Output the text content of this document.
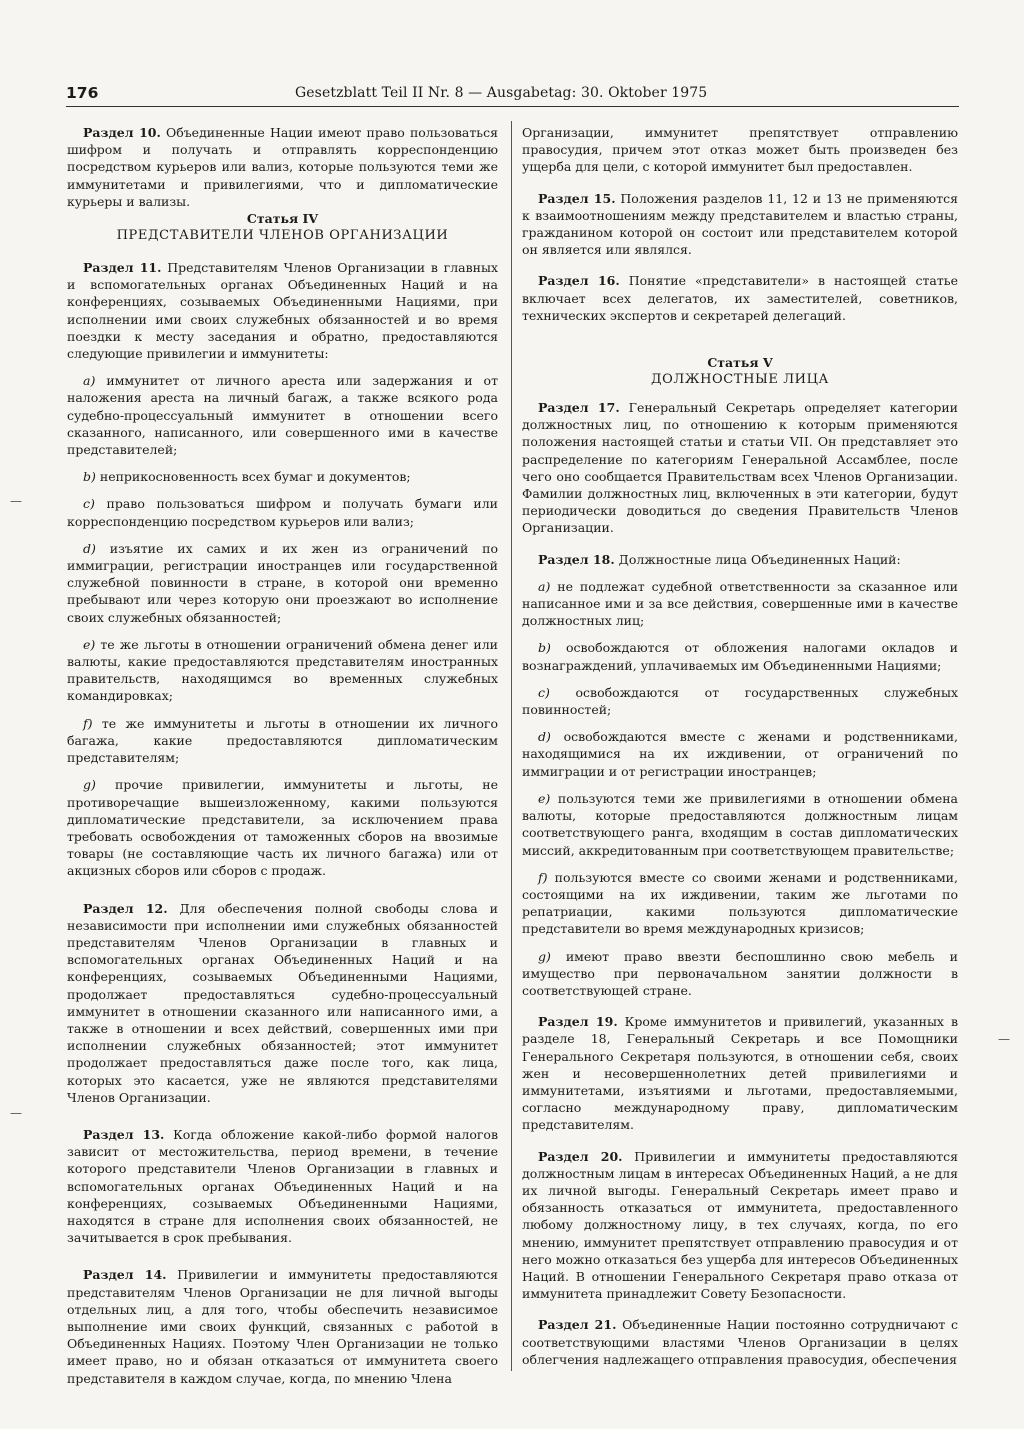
176	Gesetzblatt Teil II Nr. 8 — Ausgabetag: 30. Oktober 1975

Раздел 10. Объединенные Нации имеют право пользоваться шифром и получать и отправлять корреспонденцию посредством курьеров или вализ, которые пользуются теми же иммунитетами и привилегиями, что и дипломатические курьеры и вализы.

Статья IV

ПРЕДСТАВИТЕЛИ ЧЛЕНОВ ОРГАНИЗАЦИИ

Раздел 11. Представителям Членов Организации в главных и вспомогательных органах Объединенных Наций и на конференциях, созываемых Объединенными Нациями, при исполнении ими своих служебных обязанностей и во время поездки к месту заседания и обратно, предоставляются следующие привилегии и иммунитеты:

a) иммунитет от личного ареста или задержания и от наложения ареста на личный багаж, а также всякого рода судебно-процессуальный иммунитет в отношении всего сказанного, написанного, или совершенного ими в качестве представителей;

b) неприкосновенность всех бумаг и документов;

c) право пользоваться шифром и получать бумаги или корреспонденцию посредством курьеров или вализ;

d) изъятие их самих и их жен из ограничений по иммиграции, регистрации иностранцев или государственной служебной повинности в стране, в которой они временно пребывают или через которую они проезжают во исполнение своих служебных обязанностей;

e) те же льготы в отношении ограничений обмена денег или валюты, какие предоставляются представителям иностранных правительств, находящимся во временных служебных командировках;

f) те же иммунитеты и льготы в отношении их личного багажа, какие предоставляются дипломатическим представителям;

g) прочие привилегии, иммунитеты и льготы, не противоречащие вышеизложенному, какими пользуются дипломатические представители, за исключением права требовать освобождения от таможенных сборов на ввозимые товары (не составляющие часть их личного багажа) или от акцизных сборов или сборов с продаж.

Раздел 12. Для обеспечения полной свободы слова и независимости при исполнении ими служебных обязанностей представителям Членов Организации в главных и вспомогательных органах Объединенных Наций и на конференциях, созываемых Объединенными Нациями, продолжает предоставляться судебно-процессуальный иммунитет в отношении сказанного или написанного ими, а также в отношении и всех действий, совершенных ими при исполнении служебных обязанностей; этот иммунитет продолжает предоставляться даже после того, как лица, которых это касается, уже не являются представителями Членов Организации.

Раздел 13. Когда обложение какой-либо формой налогов зависит от местожительства, период времени, в течение которого представители Членов Организации в главных и вспомогательных органах Объединенных Наций и на конференциях, созываемых Объединенными Нациями, находятся в стране для исполнения своих обязанностей, не зачитывается в срок пребывания.

Раздел 14. Привилегии и иммунитеты предоставляются представителям Членов Организации не для личной выгоды отдельных лиц, а для того, чтобы обеспечить независимое выполнение ими своих функций, связанных с работой в Объединенных Нациях. Поэтому Член Организации не только имеет право, но и обязан отказаться от иммунитета своего представителя в каждом случае, когда, по мнению Члена

Организации, иммунитет препятствует отправлению правосудия, причем этот отказ может быть произведен без ущерба для цели, с которой иммунитет был предоставлен.

Раздел 15. Положения разделов 11, 12 и 13 не применяются к взаимоотношениям между представителем и властью страны, гражданином которой он состоит или представителем которой он является или являлся.

Раздел 16. Понятие «представители» в настоящей статье включает всех делегатов, их заместителей, советников, технических экспертов и секретарей делегаций.

Статья V

ДОЛЖНОСТНЫЕ ЛИЦА

Раздел 17. Генеральный Секретарь определяет категории должностных лиц, по отношению к которым применяются положения настоящей статьи и статьи VII. Он представляет это распределение по категориям Генеральной Ассамблее, после чего оно сообщается Правительствам всех Членов Организации. Фамилии должностных лиц, включенных в эти категории, будут периодически доводиться до сведения Правительств Членов Организации.

Раздел 18. Должностные лица Объединенных Наций:

a) не подлежат судебной ответственности за сказанное или написанное ими и за все действия, совершенные ими в качестве должностных лиц;

b) освобождаются от обложения налогами окладов и вознаграждений, уплачиваемых им Объединенными Нациями;

c) освобождаются от государственных служебных повинностей;

d) освобождаются вместе с женами и родственниками, находящимися на их иждивении, от ограничений по иммиграции и от регистрации иностранцев;

e) пользуются теми же привилегиями в отношении обмена валюты, которые предоставляются должностным лицам соответствующего ранга, входящим в состав дипломатических миссий, аккредитованным при соответствующем правительстве;

f) пользуются вместе со своими женами и родственниками, состоящими на их иждивении, таким же льготами по репатриации, какими пользуются дипломатические представители во время международных кризисов;

g) имеют право ввезти беспошлинно свою мебель и имущество при первоначальном занятии должности в соответствующей стране.

Раздел 19. Кроме иммунитетов и привилегий, указанных в разделе 18, Генеральный Секретарь и все Помощники Генерального Секретаря пользуются, в отношении себя, своих жен и несовершеннолетних детей привилегиями и иммунитетами, изъятиями и льготами, предоставляемыми, согласно международному праву, дипломатическим представителям.

Раздел 20. Привилегии и иммунитеты предоставляются должностным лицам в интересах Объединенных Наций, а не для их личной выгоды. Генеральный Секретарь имеет право и обязанность отказаться от иммунитета, предоставленного любому должностному лицу, в тех случаях, когда, по его мнению, иммунитет препятствует отправлению правосудия и от него можно отказаться без ущерба для интересов Объединенных Наций. В отношении Генерального Секретаря право отказа от иммунитета принадлежит Совету Безопасности.

Раздел 21. Объединенные Нации постоянно сотрудничают с соответствующими властями Членов Организации в целях облегчения надлежащего отправления правосудия, обеспечения

—
—
—
